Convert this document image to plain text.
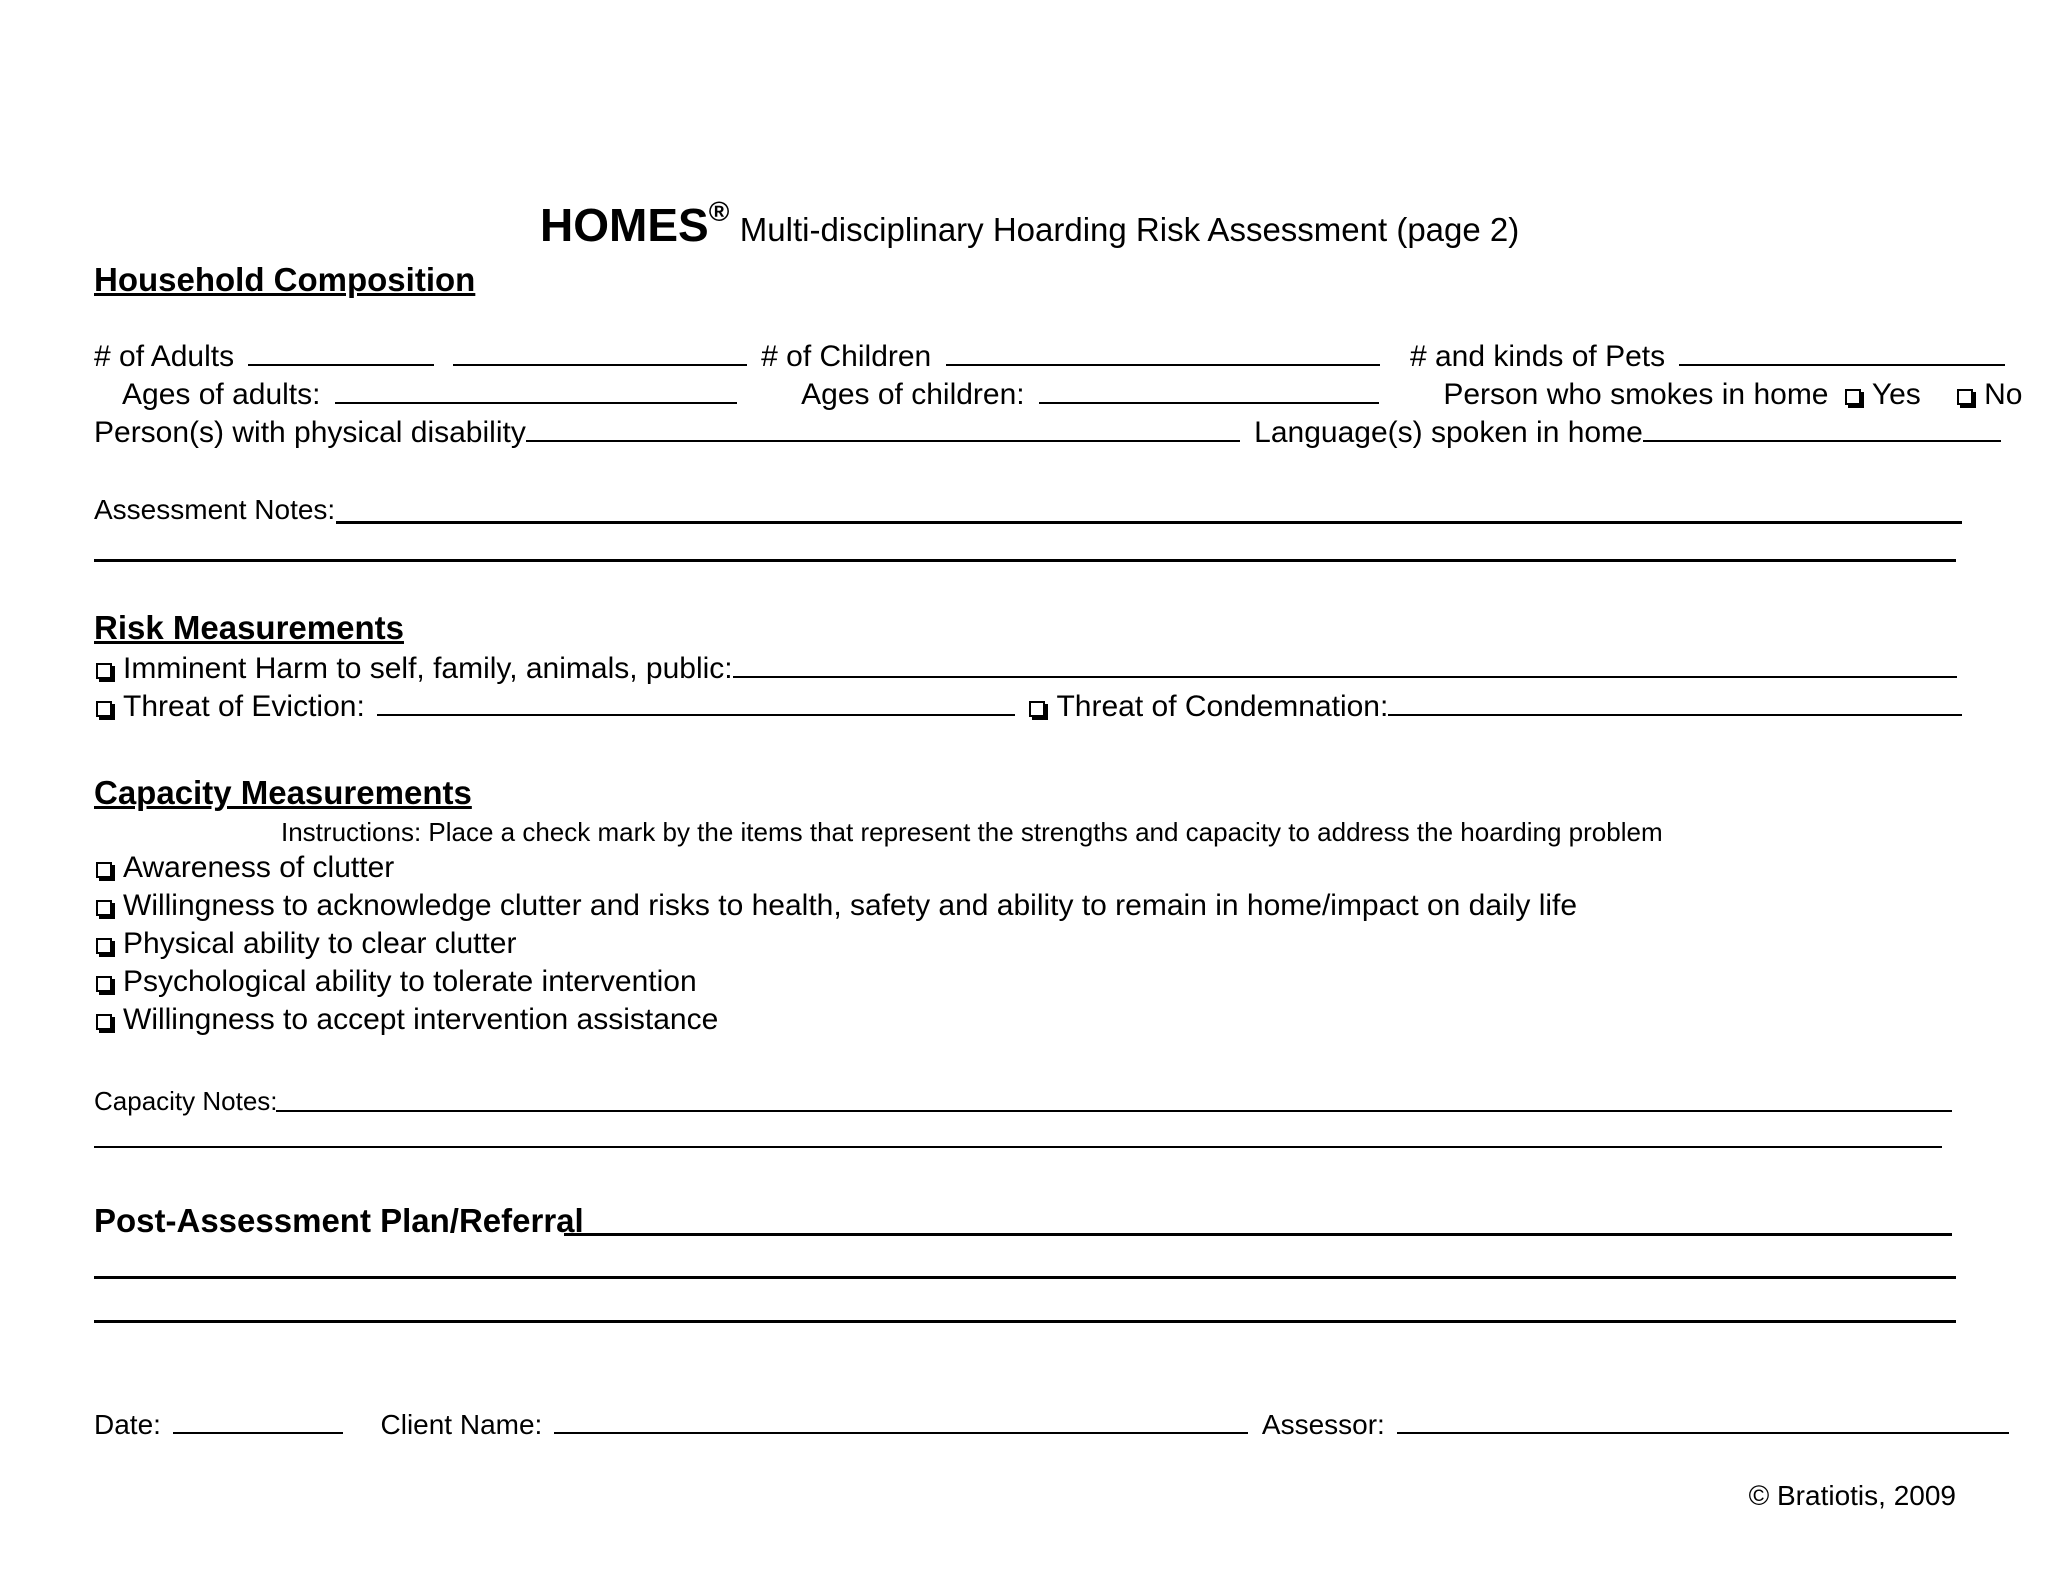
HOMES® Multi-disciplinary Hoarding Risk Assessment (page 2)
Household Composition
# of Adults	# of Children	# and kinds of Pets
Ages of adults:	Ages of children:	Person who smokes in home Yes No
Person(s) with physical disability	Language(s) spoken in home
Assessment Notes:
Risk Measurements
Imminent Harm to self, family, animals, public:
Threat of Eviction:	Threat of Condemnation:
Capacity Measurements
Instructions: Place a check mark by the items that represent the strengths and capacity to address the hoarding problem
Awareness of clutter
Willingness to acknowledge clutter and risks to health, safety and ability to remain in home/impact on daily life
Physical ability to clear clutter
Psychological ability to tolerate intervention
Willingness to accept intervention assistance
Capacity Notes:
Post-Assessment Plan/Referral
Date:	Client Name:	Assessor:
© Bratiotis, 2009
